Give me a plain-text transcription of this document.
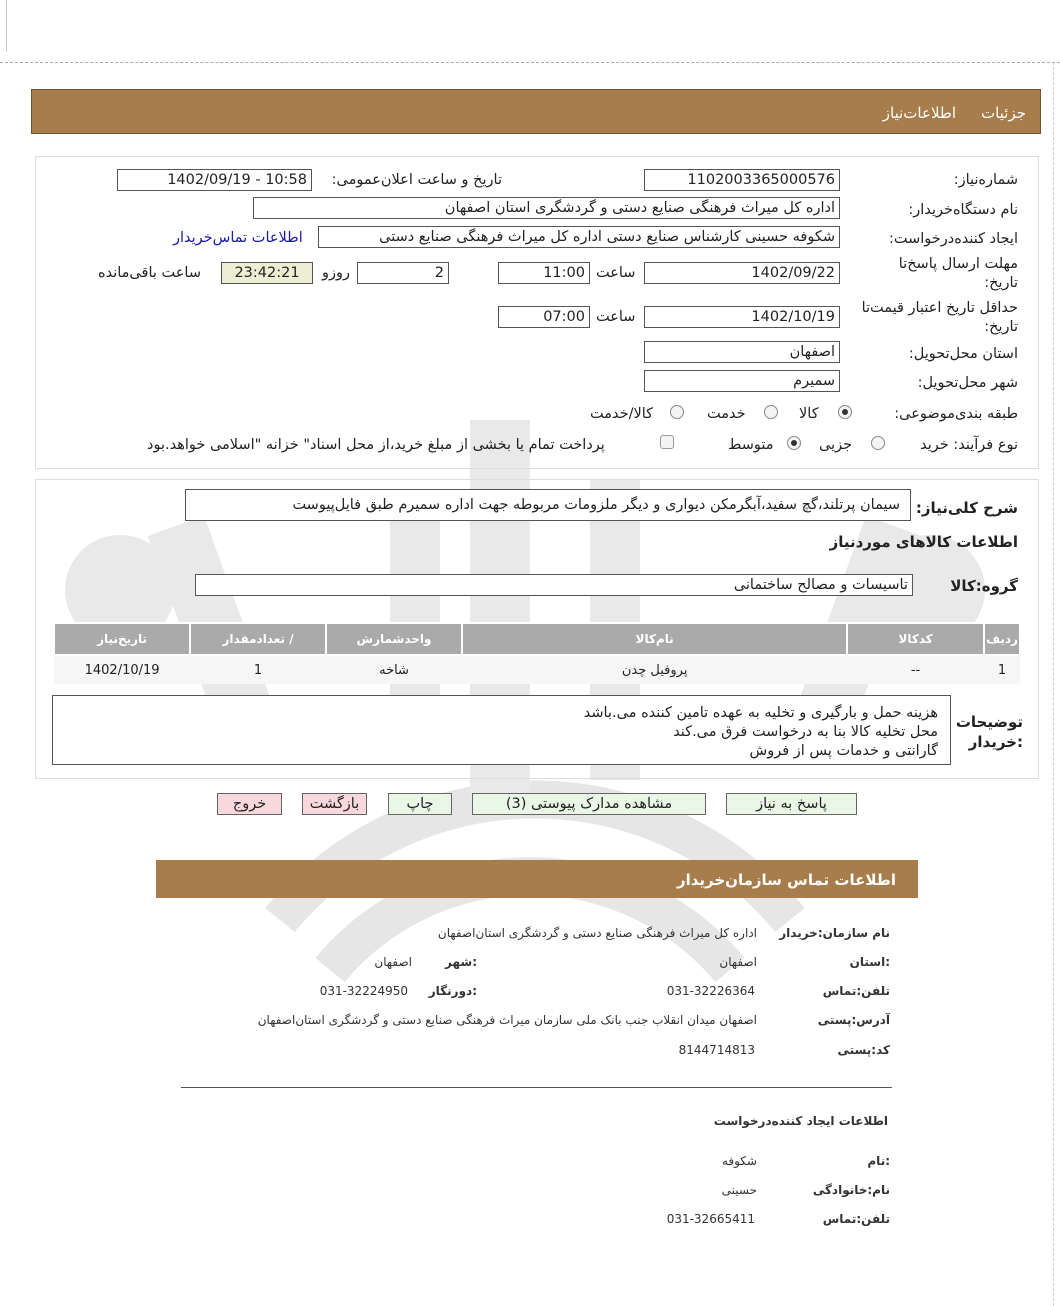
جزئیات
اطلاعات‌نیاز
شماره‌نیاز:
1102003365000576
تاریخ و ساعت اعلان‌عمومی:
1402/09/19 - 10:58
نام دستگاه‌خریدار:
اداره کل میراث فرهنگی صنایع دستی و گردشگری استان اصفهان
ایجاد کننده‌درخواست:
شکوفه حسینی کارشناس صنایع دستی اداره کل میراث فرهنگی صنایع دستی
اطلاعات تماس‌خریدار
مهلت ارسال پاسخ‌تا
تاریخ:
1402/09/22
ساعت
11:00
2
روزو
23:42:21
ساعت باقی‌مانده
حداقل تاریخ اعتبار قیمت‌تا
تاریخ:
1402/10/19
ساعت
07:00
استان محل‌تحویل:
اصفهان
شهر محل‌تحویل:
سمیرم
طبقه بندی‌موضوعی:
کالا
خدمت
کالا/خدمت
نوع فرآیند: خرید
جزیی
متوسط
پرداخت تمام یا بخشی از مبلغ خرید،از محل اسناد" خزانه "اسلامی خواهد.بود
شرح کلی‌نیاز:
سیمان پرتلند،گچ سفید،آبگرمکن دیواری و دیگر ملزومات مربوطه جهت اداره سمیرم طبق فایل‌پیوست
اطلاعات کالاهای موردنیاز
گروه:کالا
تاسیسات و مصالح ساختمانی
ردیف	کدکالا	نام‌کالا	واحدشمارش	/ تعدادمقدار	تاریخ‌نیاز
1	--	پروفیل چدن	شاخه	1	1402/10/19
توضیحات
:خریدار
هزینه حمل و بارگیری و تخلیه به عهده تامین کننده می.باشد
محل تخلیه کالا بنا به درخواست فرق می.کند
گارانتی و خدمات پس از فروش
پاسخ به نیاز
مشاهده مدارک پیوستی (3)
چاپ
بازگشت
خروج
اطلاعات تماس سازمان‌خریدار
نام سازمان:خریدار
اداره کل میراث فرهنگی صنایع دستی و گردشگری استان‌اصفهان
:استان
اصفهان
:شهر
اصفهان
تلفن:تماس
031-32226364
:دورنگار
031-32224950
آدرس:پستی
اصفهان میدان انقلاب جنب بانک ملی سازمان میراث فرهنگی صنایع دستی و گردشگری استان‌اصفهان
کد:پستی
8144714813
اطلاعات ایجاد کننده‌درخواست
:نام
شکوفه
نام:خانوادگی
حسینی
تلفن:تماس
031-32665411
